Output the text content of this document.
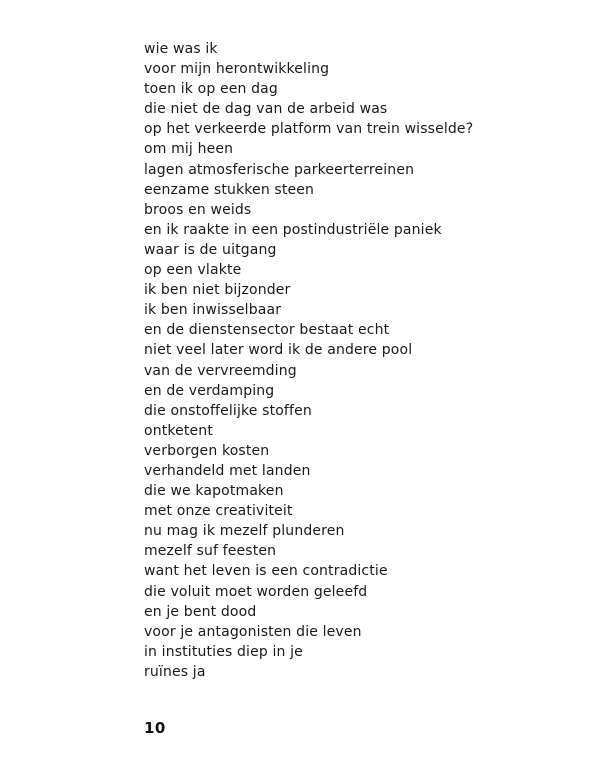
wie was ik
voor mijn herontwikkeling
toen ik op een dag
die niet de dag van de arbeid was
op het verkeerde platform van trein wisselde?
om mij heen
lagen atmosferische parkeerterreinen
eenzame stukken steen
broos en weids
en ik raakte in een postindustriële paniek
waar is de uitgang
op een vlakte
ik ben niet bijzonder
ik ben inwisselbaar
en de dienstensector bestaat echt
niet veel later word ik de andere pool
van de vervreemding
en de verdamping
die onstoffelijke stoffen
ontketent
verborgen kosten
verhandeld met landen
die we kapotmaken
met onze creativiteit
nu mag ik mezelf plunderen
mezelf suf feesten
want het leven is een contradictie
die voluit moet worden geleefd
en je bent dood
voor je antagonisten die leven
in instituties diep in je
ruïnes ja
10
